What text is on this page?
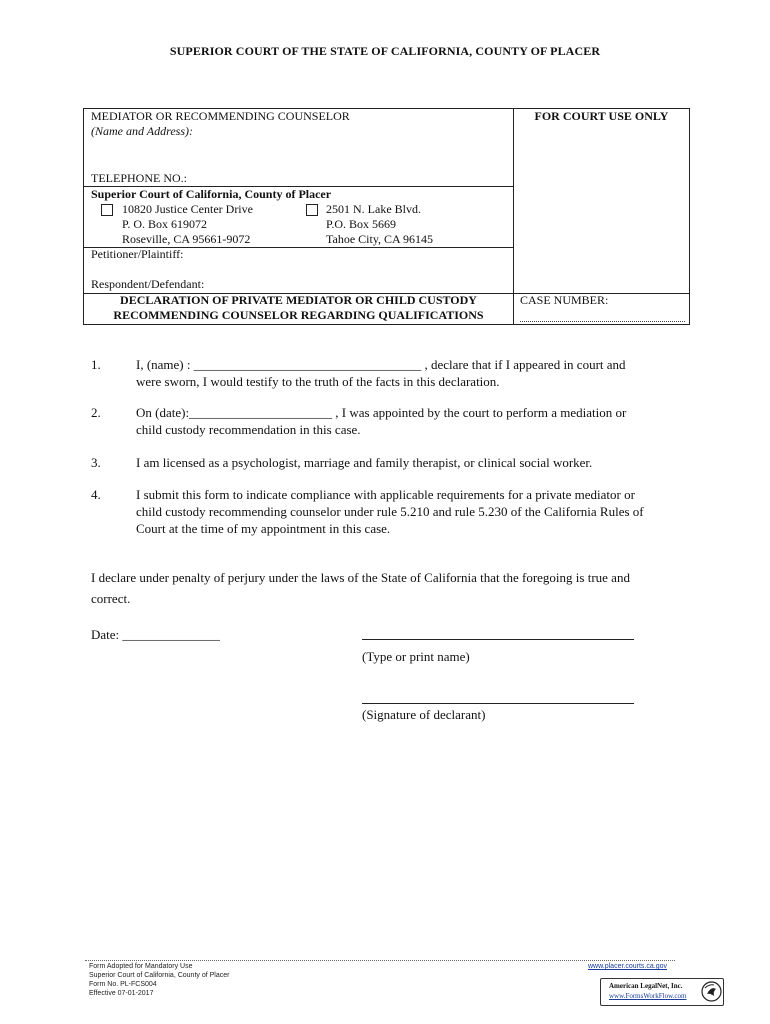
SUPERIOR COURT OF THE STATE OF CALIFORNIA, COUNTY OF PLACER
MEDIATOR OR RECOMMENDING COUNSELOR
(Name and Address):
TELEPHONE NO.:
FOR COURT USE ONLY
Superior Court of California, County of Placer
10820 Justice Center Drive
P. O. Box 619072
Roseville, CA 95661-9072
2501 N. Lake Blvd.
P.O. Box 5669
Tahoe City, CA 96145
Petitioner/Plaintiff:
Respondent/Defendant:
DECLARATION OF PRIVATE MEDIATOR OR CHILD CUSTODY
RECOMMENDING COUNSELOR REGARDING QUALIFICATIONS
CASE NUMBER:
1.	I, (name) : ___________________________________ , declare that if I appeared in court and
were sworn, I would testify to the truth of the facts in this declaration.
2.	On (date):______________________ , I was appointed by the court to perform a mediation or
child custody recommendation in this case.
3.	I am licensed as a psychologist, marriage and family therapist, or clinical social worker.
4.	I submit this form to indicate compliance with applicable requirements for a private mediator or
child custody recommending counselor under rule 5.210 and rule 5.230 of the California Rules of
Court at the time of my appointment in this case.
I declare under penalty of perjury under the laws of the State of California that the foregoing is true and
correct.
Date: _______________
(Type or print name)
(Signature of declarant)
Form Adopted for Mandatory Use
Superior Court of California, County of Placer
Form No. PL-FCS004
Effective 07-01-2017
www.placer.courts.ca.gov
American LegalNet, Inc.
www.FormsWorkFlow.com
